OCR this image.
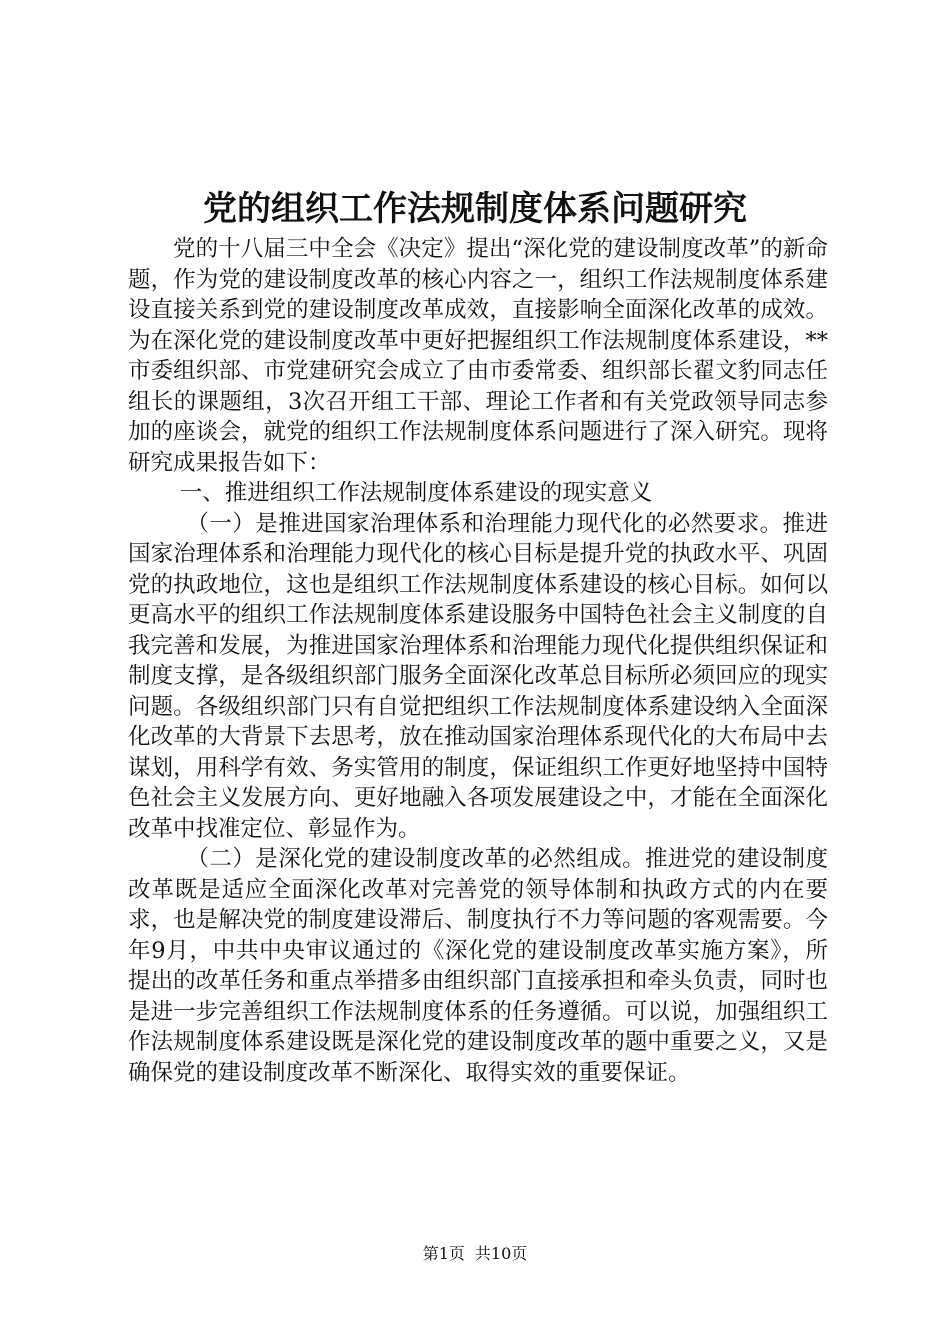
党的组织工作法规制度体系问题研究

党的十八届三中全会《决定》提出“深化党的建设制度改革”的新命题，作为党的建设制度改革的核心内容之一，组织工作法规制度体系建设直接关系到党的建设制度改革成效，直接影响全面深化改革的成效。为在深化党的建设制度改革中更好把握组织工作法规制度体系建设，**市委组织部、市党建研究会成立了由市委常委、组织部长翟文豹同志任组长的课题组，3次召开组工干部、理论工作者和有关党政领导同志参加的座谈会，就党的组织工作法规制度体系问题进行了深入研究。现将研究成果报告如下：

一、推进组织工作法规制度体系建设的现实意义

（一）是推进国家治理体系和治理能力现代化的必然要求。推进国家治理体系和治理能力现代化的核心目标是提升党的执政水平、巩固党的执政地位，这也是组织工作法规制度体系建设的核心目标。如何以更高水平的组织工作法规制度体系建设服务中国特色社会主义制度的自我完善和发展，为推进国家治理体系和治理能力现代化提供组织保证和制度支撑，是各级组织部门服务全面深化改革总目标所必须回应的现实问题。各级组织部门只有自觉把组织工作法规制度体系建设纳入全面深化改革的大背景下去思考，放在推动国家治理体系现代化的大布局中去谋划，用科学有效、务实管用的制度，保证组织工作更好地坚持中国特色社会主义发展方向、更好地融入各项发展建设之中，才能在全面深化改革中找准定位、彰显作为。

（二）是深化党的建设制度改革的必然组成。推进党的建设制度改革既是适应全面深化改革对完善党的领导体制和执政方式的内在要求，也是解决党的制度建设滞后、制度执行不力等问题的客观需要。今年9月，中共中央审议通过的《深化党的建设制度改革实施方案》，所提出的改革任务和重点举措多由组织部门直接承担和牵头负责，同时也是进一步完善组织工作法规制度体系的任务遵循。可以说，加强组织工作法规制度体系建设既是深化党的建设制度改革的题中重要之义，又是确保党的建设制度改革不断深化、取得实效的重要保证。

第1页 共10页
